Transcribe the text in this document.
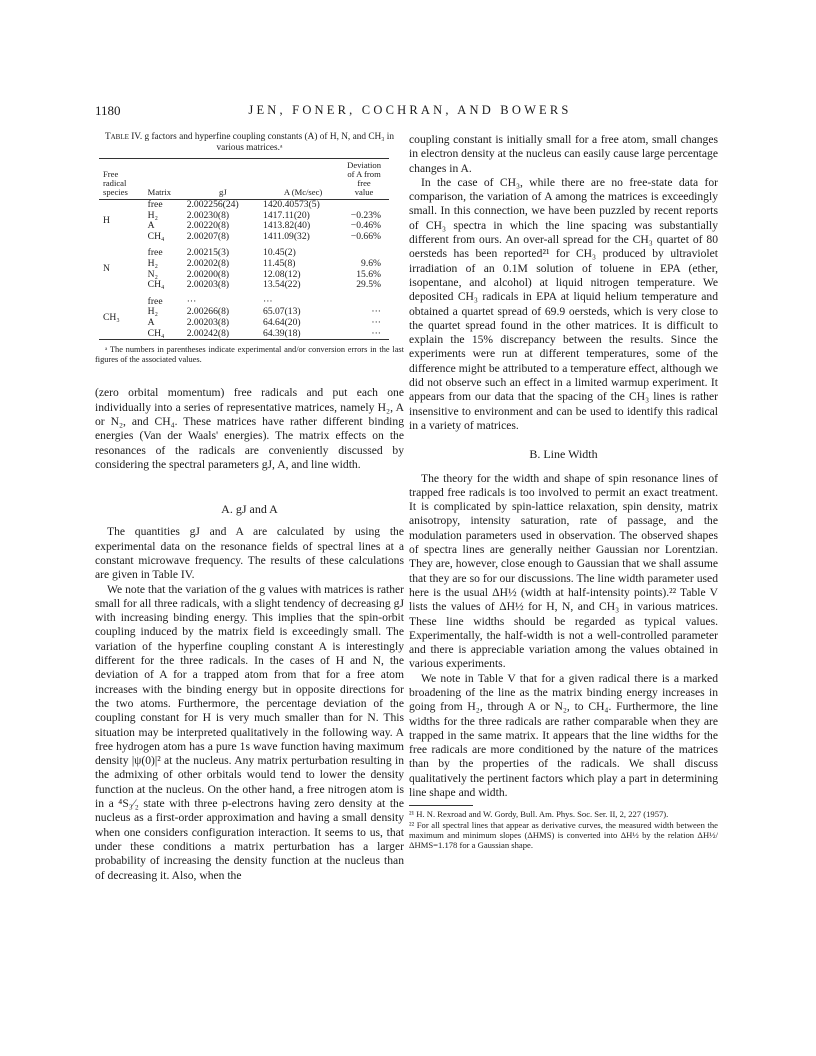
1180	JEN, FONER, COCHRAN, AND BOWERS
Table IV. g factors and hyperfine coupling constants (A) of H, N, and CH₃ in various matrices.ᵃ
Free radical species	Matrix	gJ	A (Mc/sec)	Deviation of A from free value
H	free	2.002256(24)	1420.40573(5)	
	H₂	2.00230(8)	1417.11(20)	−0.23%
	A	2.00220(8)	1413.82(40)	−0.46%
	CH₄	2.00207(8)	1411.09(32)	−0.66%

N	free	2.00215(3)	10.45(2)	
	H₂	2.00202(8)	11.45(8)	9.6%
	N₂	2.00200(8)	12.08(12)	15.6%
	CH₄	2.00203(8)	13.54(22)	29.5%

CH₃	free	···	···	
	H₂	2.00266(8)	65.07(13)	···
	A	2.00203(8)	64.64(20)	···
	CH₄	2.00242(8)	64.39(18)	···

ᵃ The numbers in parentheses indicate experimental and/or conversion errors in the last figures of the associated values.

(zero orbital momentum) free radicals and put each one individually into a series of representative matrices, namely H₂, A or N₂, and CH₄. These matrices have rather different binding energies (Van der Waals' energies). The matrix effects on the resonances of the radicals are conveniently discussed by considering the spectral parameters gJ, A, and line width.

A. gJ and A

The quantities gJ and A are calculated by using the experimental data on the resonance fields of spectral lines at a constant microwave frequency. The results of these calculations are given in Table IV.

We note that the variation of the g values with matrices is rather small for all three radicals, with a slight tendency of decreasing gJ with increasing binding energy. This implies that the spin-orbit coupling induced by the matrix field is exceedingly small. The variation of the hyperfine coupling constant A is interestingly different for the three radicals. In the cases of H and N, the deviation of A for a trapped atom from that for a free atom increases with the binding energy but in opposite directions for the two atoms. Furthermore, the percentage deviation of the coupling constant for H is very much smaller than for N. This situation may be interpreted qualitatively in the following way. A free hydrogen atom has a pure 1s wave function having maximum density |ψ(0)|² at the nucleus. Any matrix perturbation resulting in the admixing of other orbitals would tend to lower the density function at the nucleus. On the other hand, a free nitrogen atom is in a ⁴S₃⁄₂ state with three p-electrons having zero density at the nucleus as a first-order approximation and having a small density when one considers configuration interaction. It seems to us, that under these conditions a matrix perturbation has a larger probability of increasing the density function at the nucleus than of decreasing it. Also, when the

coupling constant is initially small for a free atom, small changes in electron density at the nucleus can easily cause large percentage changes in A.

In the case of CH₃, while there are no free-state data for comparison, the variation of A among the matrices is exceedingly small. In this connection, we have been puzzled by recent reports of CH₃ spectra in which the line spacing was substantially different from ours. An over-all spread for the CH₃ quartet of 80 oersteds has been reported²¹ for CH₃ produced by ultraviolet irradiation of an 0.1M solution of toluene in EPA (ether, isopentane, and alcohol) at liquid nitrogen temperature. We deposited CH₃ radicals in EPA at liquid helium temperature and obtained a quartet spread of 69.9 oersteds, which is very close to the quartet spread found in the other matrices. It is difficult to explain the 15% discrepancy between the results. Since the experiments were run at different temperatures, some of the difference might be attributed to a temperature effect, although we did not observe such an effect in a limited warmup experiment. It appears from our data that the spacing of the CH₃ lines is rather insensitive to environment and can be used to identify this radical in a variety of matrices.

B. Line Width

The theory for the width and shape of spin resonance lines of trapped free radicals is too involved to permit an exact treatment. It is complicated by spin-lattice relaxation, spin density, matrix anisotropy, intensity saturation, rate of passage, and the modulation parameters used in observation. The observed shapes of spectra lines are generally neither Gaussian nor Lorentzian. They are, however, close enough to Gaussian that we shall assume that they are so for our discussions. The line width parameter used here is the usual ΔH½ (width at half-intensity points).²² Table V lists the values of ΔH½ for H, N, and CH₃ in various matrices. These line widths should be regarded as typical values. Experimentally, the half-width is not a well-controlled parameter and there is appreciable variation among the values obtained in various experiments.

We note in Table V that for a given radical there is a marked broadening of the line as the matrix binding energy increases in going from H₂, through A or N₂, to CH₄. Furthermore, the line widths for the three radicals are rather comparable when they are trapped in the same matrix. It appears that the line widths for the free radicals are more conditioned by the nature of the matrices than by the properties of the radicals. We shall discuss qualitatively the pertinent factors which play a part in determining line shape and width.

²¹ H. N. Rexroad and W. Gordy, Bull. Am. Phys. Soc. Ser. II, 2, 227 (1957).

²² For all spectral lines that appear as derivative curves, the measured width between the maximum and minimum slopes (ΔHMS) is converted into ΔH½ by the relation ΔH½/ΔHMS=1.178 for a Gaussian shape.
